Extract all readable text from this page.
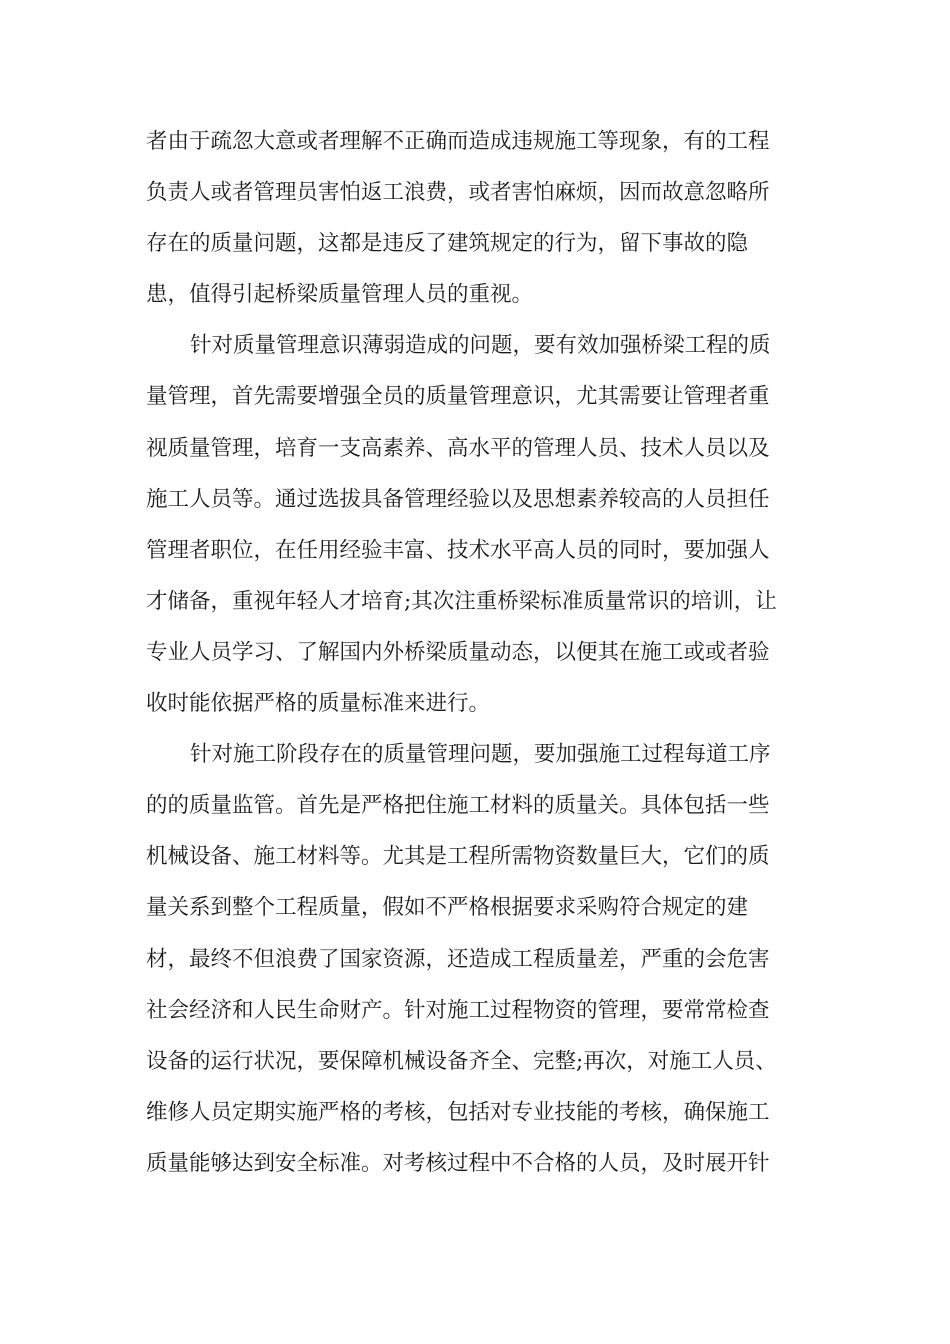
者由于疏忽大意或者理解不正确而造成违规施工等现象，有的工程
负责人或者管理员害怕返工浪费，或者害怕麻烦，因而故意忽略所
存在的质量问题，这都是违反了建筑规定的行为，留下事故的隐
患，值得引起桥梁质量管理人员的重视。
针对质量管理意识薄弱造成的问题，要有效加强桥梁工程的质
量管理，首先需要增强全员的质量管理意识，尤其需要让管理者重
视质量管理，培育一支高素养、高水平的管理人员、技术人员以及
施工人员等。通过选拔具备管理经验以及思想素养较高的人员担任
管理者职位，在任用经验丰富、技术水平高人员的同时，要加强人
才储备，重视年轻人才培育;其次注重桥梁标准质量常识的培训，让
专业人员学习、了解国内外桥梁质量动态，以便其在施工或或者验
收时能依据严格的质量标准来进行。
针对施工阶段存在的质量管理问题，要加强施工过程每道工序
的的质量监管。首先是严格把住施工材料的质量关。具体包括一些
机械设备、施工材料等。尤其是工程所需物资数量巨大，它们的质
量关系到整个工程质量，假如不严格根据要求采购符合规定的建
材，最终不但浪费了国家资源，还造成工程质量差，严重的会危害
社会经济和人民生命财产。针对施工过程物资的管理，要常常检查
设备的运行状况，要保障机械设备齐全、完整;再次，对施工人员、
维修人员定期实施严格的考核，包括对专业技能的考核，确保施工
质量能够达到安全标准。对考核过程中不合格的人员，及时展开针
